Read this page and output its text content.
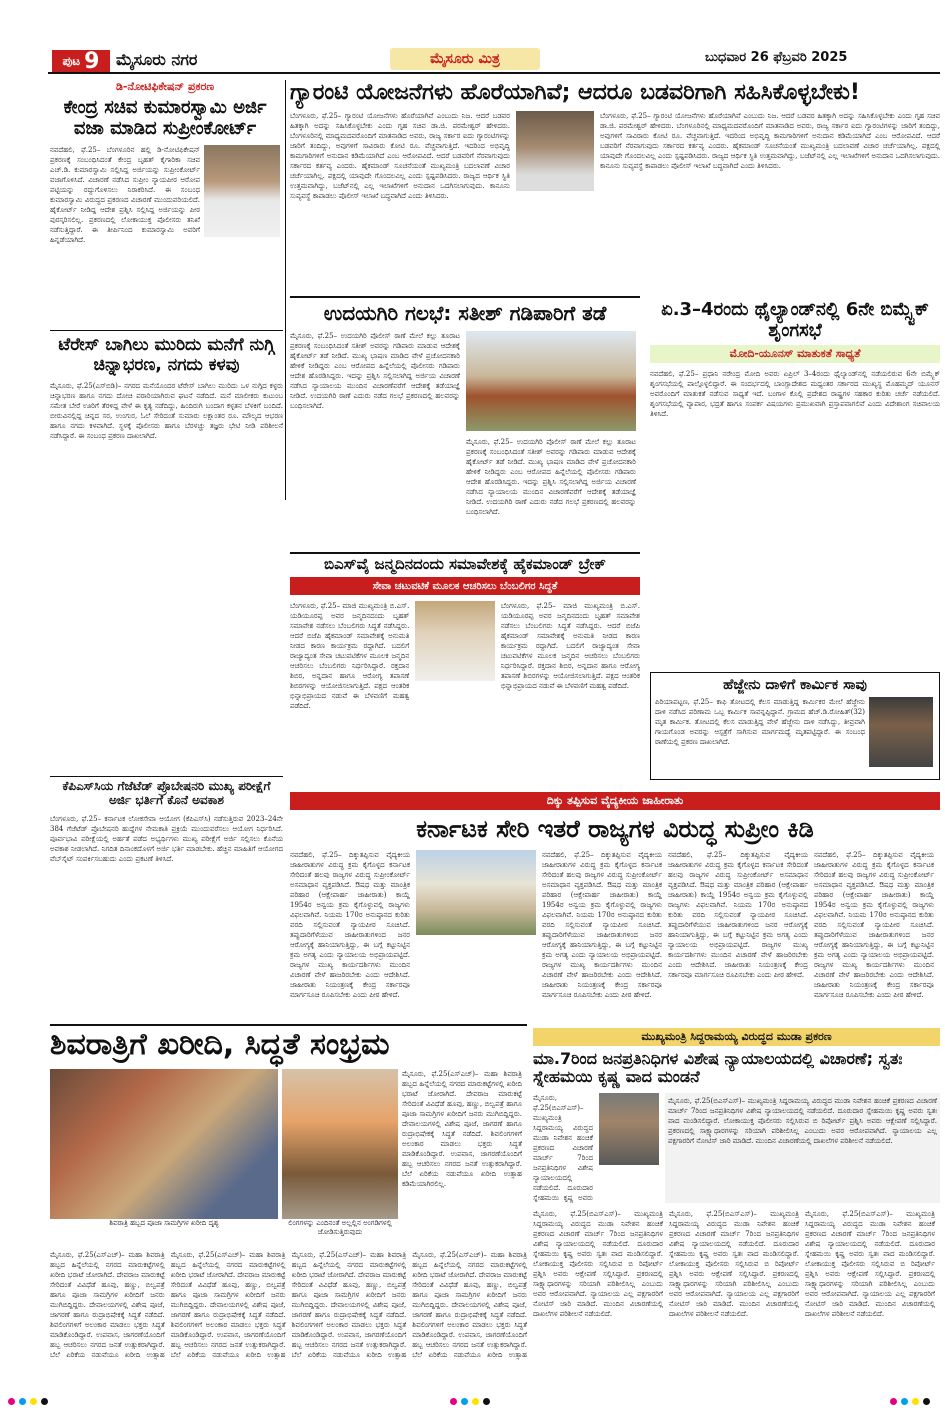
ಪುಟ 9 ಮೈಸೂರು ನಗರ	ಮೈಸೂರು ಮಿತ್ರ	ಬುಧವಾರ 26 ಫೆಬ್ರವರಿ 2025
ಡಿ-ನೋಟಿಫಿಕೇಷನ್ ಪ್ರಕರಣ
ಕೇಂದ್ರ ಸಚಿವ ಕುಮಾರಸ್ವಾಮಿ ಅರ್ಜಿ ವಜಾ ಮಾಡಿದ ಸುಪ್ರೀಂಕೋರ್ಟ್
ನವದೆಹಲಿ, ಫೆ.25– ಬೆಂಗಳೂರಿನ ಹಲ್ಲಿ ಡಿ-ನೋಟಿಫಿಕೇಷನ್ ಪ್ರಕರಣಕ್ಕೆ ಸಂಬಂಧಿಸಿದಂತೆ ಕೇಂದ್ರ ಬೃಹತ್ ಕೈಗಾರಿಕಾ ಸಚಿವ ಎಚ್.ಡಿ. ಕುಮಾರಸ್ವಾಮಿ ಸಲ್ಲಿಸಿದ್ದ ಅರ್ಜಿಯನ್ನು ಸುಪ್ರೀಂಕೋರ್ಟ್ ವಜಾಗೊಳಿಸಿದೆ. ವಿಚಾರಣೆ ನಡೆಸಿದ ಸುಪ್ರೀಂ ನ್ಯಾಯಪೀಠ ಆರೋಪ ಪಟ್ಟಿಯನ್ನು ರದ್ದುಗೊಳಿಸಲು ನಿರಾಕರಿಸಿದೆ. ಈ ಸಂಬಂಧ ಕುಮಾರಸ್ವಾಮಿ ವಿರುದ್ಧದ ಪ್ರಕರಣದ ವಿಚಾರಣೆ ಮುಂದುವರಿಯಲಿದೆ. ಹೈಕೋರ್ಟ್ ನೀಡಿದ್ದ ಆದೇಶ ಪ್ರಶ್ನಿಸಿ ಸಲ್ಲಿಸಿದ್ದ ಅರ್ಜಿಯನ್ನು ಪೀಠ ಪುರಸ್ಕರಿಸಲಿಲ್ಲ. ಪ್ರಕರಣದಲ್ಲಿ ಲೋಕಾಯುಕ್ತ ಪೊಲೀಸರು ತನಿಖೆ ನಡೆಸುತ್ತಿದ್ದಾರೆ. ಈ ತೀರ್ಪಿನಿಂದ ಕುಮಾರಸ್ವಾಮಿ ಅವರಿಗೆ ಹಿನ್ನಡೆಯಾಗಿದೆ.
ಗ್ಯಾರಂಟಿ ಯೋಜನೆಗಳು ಹೊರೆಯಾಗಿವೆ; ಆದರೂ ಬಡವರಿಗಾಗಿ ಸಹಿಸಿಕೊಳ್ಳಬೇಕು!
ಬೆಂಗಳೂರು, ಫೆ.25– ಗ್ಯಾರಂಟಿ ಯೋಜನೆಗಳು ಹೊರೆಯಾಗಿವೆ ಎಂಬುದು ನಿಜ. ಆದರೆ ಬಡವರ ಹಿತಕ್ಕಾಗಿ ಅದನ್ನು ಸಹಿಸಿಕೊಳ್ಳಬೇಕು ಎಂದು ಗೃಹ ಸಚಿವ ಡಾ.ಜಿ. ಪರಮೇಶ್ವರ್ ಹೇಳಿದರು. ಬೆಂಗಳೂರಿನಲ್ಲಿ ಮಾಧ್ಯಮದವರೊಂದಿಗೆ ಮಾತನಾಡಿದ ಅವರು, ರಾಜ್ಯ ಸರ್ಕಾರ ಐದು ಗ್ಯಾರಂಟಿಗಳನ್ನು ಜಾರಿಗೆ ತಂದಿದ್ದು, ಅವುಗಳಿಗೆ ಸಾವಿರಾರು ಕೋಟಿ ರೂ. ವೆಚ್ಚವಾಗುತ್ತಿದೆ. ಇದರಿಂದ ಅಭಿವೃದ್ಧಿ ಕಾಮಗಾರಿಗಳಿಗೆ ಅನುದಾನ ಕಡಿಮೆಯಾಗಿದೆ ಎಂಬ ಆರೋಪವಿದೆ. ಆದರೆ ಬಡವರಿಗೆ ನೆರವಾಗುವುದು ಸರ್ಕಾರದ ಕರ್ತವ್ಯ ಎಂದರು. ಹೈಕಮಾಂಡ್ ಸೂಚನೆಯಂತೆ ಮುಖ್ಯಮಂತ್ರಿ ಬದಲಾವಣೆ ವಿಚಾರ ಚರ್ಚೆಯಾಗಿಲ್ಲ. ಪಕ್ಷದಲ್ಲಿ ಯಾವುದೇ ಗೊಂದಲವಿಲ್ಲ ಎಂದು ಸ್ಪಷ್ಟಪಡಿಸಿದರು. ರಾಜ್ಯದ ಆರ್ಥಿಕ ಸ್ಥಿತಿ ಉತ್ತಮವಾಗಿದ್ದು, ಬಜೆಟ್‌ನಲ್ಲಿ ಎಲ್ಲ ಇಲಾಖೆಗಳಿಗೆ ಅನುದಾನ ಒದಗಿಸಲಾಗುವುದು. ಕಾನೂನು ಸುವ್ಯವಸ್ಥೆ ಕಾಪಾಡಲು ಪೊಲೀಸ್ ಇಲಾಖೆ ಬದ್ಧವಾಗಿದೆ ಎಂದು ತಿಳಿಸಿದರು.
ಬೆಂಗಳೂರು, ಫೆ.25– ಗ್ಯಾರಂಟಿ ಯೋಜನೆಗಳು ಹೊರೆಯಾಗಿವೆ ಎಂಬುದು ನಿಜ. ಆದರೆ ಬಡವರ ಹಿತಕ್ಕಾಗಿ ಅದನ್ನು ಸಹಿಸಿಕೊಳ್ಳಬೇಕು ಎಂದು ಗೃಹ ಸಚಿವ ಡಾ.ಜಿ. ಪರಮೇಶ್ವರ್ ಹೇಳಿದರು. ಬೆಂಗಳೂರಿನಲ್ಲಿ ಮಾಧ್ಯಮದವರೊಂದಿಗೆ ಮಾತನಾಡಿದ ಅವರು, ರಾಜ್ಯ ಸರ್ಕಾರ ಐದು ಗ್ಯಾರಂಟಿಗಳನ್ನು ಜಾರಿಗೆ ತಂದಿದ್ದು, ಅವುಗಳಿಗೆ ಸಾವಿರಾರು ಕೋಟಿ ರೂ. ವೆಚ್ಚವಾಗುತ್ತಿದೆ. ಇದರಿಂದ ಅಭಿವೃದ್ಧಿ ಕಾಮಗಾರಿಗಳಿಗೆ ಅನುದಾನ ಕಡಿಮೆಯಾಗಿದೆ ಎಂಬ ಆರೋಪವಿದೆ. ಆದರೆ ಬಡವರಿಗೆ ನೆರವಾಗುವುದು ಸರ್ಕಾರದ ಕರ್ತವ್ಯ ಎಂದರು. ಹೈಕಮಾಂಡ್ ಸೂಚನೆಯಂತೆ ಮುಖ್ಯಮಂತ್ರಿ ಬದಲಾವಣೆ ವಿಚಾರ ಚರ್ಚೆಯಾಗಿಲ್ಲ. ಪಕ್ಷದಲ್ಲಿ ಯಾವುದೇ ಗೊಂದಲವಿಲ್ಲ ಎಂದು ಸ್ಪಷ್ಟಪಡಿಸಿದರು. ರಾಜ್ಯದ ಆರ್ಥಿಕ ಸ್ಥಿತಿ ಉತ್ತಮವಾಗಿದ್ದು, ಬಜೆಟ್‌ನಲ್ಲಿ ಎಲ್ಲ ಇಲಾಖೆಗಳಿಗೆ ಅನುದಾನ ಒದಗಿಸಲಾಗುವುದು. ಕಾನೂನು ಸುವ್ಯವಸ್ಥೆ ಕಾಪಾಡಲು ಪೊಲೀಸ್ ಇಲಾಖೆ ಬದ್ಧವಾಗಿದೆ ಎಂದು ತಿಳಿಸಿದರು.
ಟೆರೇಸ್ ಬಾಗಿಲು ಮುರಿದು ಮನೆಗೆ ನುಗ್ಗಿ ಚಿನ್ನಾಭರಣ, ನಗದು ಕಳವು
ಮೈಸೂರು, ಫೆ.25(ಎಸ್‌ಬಿಡಿ)– ನಗರದ ಮನೆಯೊಂದರ ಟೆರೇಸ್ ಬಾಗಿಲು ಮುರಿದು ಒಳ ನುಗ್ಗಿದ ಕಳ್ಳರು ಚಿನ್ನಾಭರಣ ಹಾಗೂ ನಗದು ದೋಚಿ ಪರಾರಿಯಾಗಿರುವ ಘಟನೆ ನಡೆದಿದೆ. ಮನೆ ಮಾಲೀಕರು ಕುಟುಂಬ ಸಮೇತ ಬೇರೆ ಊರಿಗೆ ತೆರಳಿದ್ದ ವೇಳೆ ಈ ಕೃತ್ಯ ನಡೆದಿದ್ದು, ಹಿಂದಿರುಗಿ ಬಂದಾಗ ಕಳ್ಳತನ ಬೆಳಕಿಗೆ ಬಂದಿದೆ. ಬೀರುವಿನಲ್ಲಿದ್ದ ಚಿನ್ನದ ಸರ, ಉಂಗುರ, ಓಲೆ ಸೇರಿದಂತೆ ಸುಮಾರು ಲಕ್ಷಾಂತರ ರೂ. ಮೌಲ್ಯದ ಆಭರಣ ಹಾಗೂ ನಗದು ಕಳವಾಗಿದೆ. ಸ್ಥಳಕ್ಕೆ ಪೊಲೀಸರು ಹಾಗೂ ಬೆರಳಚ್ಚು ತಜ್ಞರು ಭೇಟಿ ನೀಡಿ ಪರಿಶೀಲನೆ ನಡೆಸಿದ್ದಾರೆ. ಈ ಸಂಬಂಧ ಪ್ರಕರಣ ದಾಖಲಾಗಿದೆ.
ಕೆಪಿಎಸ್‌ಸಿಯ ಗೆಜೆಟೆಡ್ ಪ್ರೊಬೇಷನರಿ ಮುಖ್ಯ ಪರೀಕ್ಷೆಗೆ ಅರ್ಜಿ ಭರ್ತಿಗೆ ಕೊನೆ ಅವಕಾಶ
ಬೆಂಗಳೂರು, ಫೆ.25– ಕರ್ನಾಟಕ ಲೋಕಸೇವಾ ಆಯೋಗ (ಕೆಪಿಎಸ್‌ಸಿ) ನಡೆಸುತ್ತಿರುವ 2023–24ನೇ 384 ಗೆಜೆಟೆಡ್ ಪ್ರೊಬೇಷನರಿ ಹುದ್ದೆಗಳ ನೇಮಕಾತಿ ಪ್ರಕ್ರಿಯೆ ಮುಂದುವರೆಸಲು ಆಯೋಗ ನಿರ್ಧರಿಸಿದೆ. ಪೂರ್ವಭಾವಿ ಪರೀಕ್ಷೆಯಲ್ಲಿ ಅರ್ಹತೆ ಪಡೆದ ಅಭ್ಯರ್ಥಿಗಳು ಮುಖ್ಯ ಪರೀಕ್ಷೆಗೆ ಅರ್ಜಿ ಸಲ್ಲಿಸಲು ಕೊನೆಯ ಅವಕಾಶ ನೀಡಲಾಗಿದೆ. ನಿಗದಿತ ದಿನಾಂಕದೊಳಗೆ ಅರ್ಜಿ ಭರ್ತಿ ಮಾಡಬೇಕು. ಹೆಚ್ಚಿನ ಮಾಹಿತಿಗೆ ಆಯೋಗದ ವೆಬ್‌ಸೈಟ್ ಸಂಪರ್ಕಿಸಬಹುದು ಎಂದು ಪ್ರಕಟಣೆ ತಿಳಿಸಿದೆ.
ಉದಯಗಿರಿ ಗಲಭೆ: ಸತೀಶ್ ಗಡಿಪಾರಿಗೆ ತಡೆ
ಮೈಸೂರು, ಫೆ.25– ಉದಯಗಿರಿ ಪೊಲೀಸ್ ಠಾಣೆ ಮೇಲೆ ಕಲ್ಲು ತೂರಾಟ ಪ್ರಕರಣಕ್ಕೆ ಸಂಬಂಧಿಸಿದಂತೆ ಸತೀಶ್ ಅವರನ್ನು ಗಡಿಪಾರು ಮಾಡುವ ಆದೇಶಕ್ಕೆ ಹೈಕೋರ್ಟ್ ತಡೆ ನೀಡಿದೆ. ಮುಖ್ಯ ಭಾಷಣ ಮಾಡಿದ ವೇಳೆ ಪ್ರಚೋದನಕಾರಿ ಹೇಳಿಕೆ ನೀಡಿದ್ದರು ಎಂಬ ಆರೋಪದ ಹಿನ್ನೆಲೆಯಲ್ಲಿ ಪೊಲೀಸರು ಗಡಿಪಾರು ಆದೇಶ ಹೊರಡಿಸಿದ್ದರು. ಇದನ್ನು ಪ್ರಶ್ನಿಸಿ ಸಲ್ಲಿಸಲಾಗಿದ್ದ ಅರ್ಜಿಯ ವಿಚಾರಣೆ ನಡೆಸಿದ ನ್ಯಾಯಾಲಯ ಮುಂದಿನ ವಿಚಾರಣೆವರೆಗೆ ಆದೇಶಕ್ಕೆ ತಡೆಯಾಜ್ಞೆ ನೀಡಿದೆ. ಉದಯಗಿರಿ ಠಾಣೆ ಎದುರು ನಡೆದ ಗಲಭೆ ಪ್ರಕರಣದಲ್ಲಿ ಹಲವರನ್ನು ಬಂಧಿಸಲಾಗಿದೆ.
ಮೈಸೂರು, ಫೆ.25– ಉದಯಗಿರಿ ಪೊಲೀಸ್ ಠಾಣೆ ಮೇಲೆ ಕಲ್ಲು ತೂರಾಟ ಪ್ರಕರಣಕ್ಕೆ ಸಂಬಂಧಿಸಿದಂತೆ ಸತೀಶ್ ಅವರನ್ನು ಗಡಿಪಾರು ಮಾಡುವ ಆದೇಶಕ್ಕೆ ಹೈಕೋರ್ಟ್ ತಡೆ ನೀಡಿದೆ. ಮುಖ್ಯ ಭಾಷಣ ಮಾಡಿದ ವೇಳೆ ಪ್ರಚೋದನಕಾರಿ ಹೇಳಿಕೆ ನೀಡಿದ್ದರು ಎಂಬ ಆರೋಪದ ಹಿನ್ನೆಲೆಯಲ್ಲಿ ಪೊಲೀಸರು ಗಡಿಪಾರು ಆದೇಶ ಹೊರಡಿಸಿದ್ದರು. ಇದನ್ನು ಪ್ರಶ್ನಿಸಿ ಸಲ್ಲಿಸಲಾಗಿದ್ದ ಅರ್ಜಿಯ ವಿಚಾರಣೆ ನಡೆಸಿದ ನ್ಯಾಯಾಲಯ ಮುಂದಿನ ವಿಚಾರಣೆವರೆಗೆ ಆದೇಶಕ್ಕೆ ತಡೆಯಾಜ್ಞೆ ನೀಡಿದೆ. ಉದಯಗಿರಿ ಠಾಣೆ ಎದುರು ನಡೆದ ಗಲಭೆ ಪ್ರಕರಣದಲ್ಲಿ ಹಲವರನ್ನು ಬಂಧಿಸಲಾಗಿದೆ.
ಏ.3–4ರಂದು ಥೈಲ್ಯಾಂಡ್‌ನಲ್ಲಿ 6ನೇ ಬಿಮ್ಸ್ಟೆಕ್ ಶೃಂಗಸಭೆ
ಮೋದಿ-ಯೂನಸ್ ಮಾತುಕತೆ ಸಾಧ್ಯತೆ
ನವದೆಹಲಿ, ಫೆ.25– ಪ್ರಧಾನಿ ನರೇಂದ್ರ ಮೋದಿ ಅವರು ಏಪ್ರಿಲ್ 3–4ರಂದು ಥೈಲ್ಯಾಂಡ್‌ನಲ್ಲಿ ನಡೆಯಲಿರುವ 6ನೇ ಬಿಮ್ಸ್ಟೆಕ್ ಶೃಂಗಸಭೆಯಲ್ಲಿ ಪಾಲ್ಗೊಳ್ಳಲಿದ್ದಾರೆ. ಈ ಸಂದರ್ಭದಲ್ಲಿ ಬಾಂಗ್ಲಾದೇಶದ ಮಧ್ಯಂತರ ಸರ್ಕಾರದ ಮುಖ್ಯಸ್ಥ ಮೊಹಮ್ಮದ್ ಯೂನಸ್ ಅವರೊಂದಿಗೆ ಮಾತುಕತೆ ನಡೆಸುವ ಸಾಧ್ಯತೆ ಇದೆ. ಬಂಗಾಳ ಕೊಲ್ಲಿ ಪ್ರದೇಶದ ರಾಷ್ಟ್ರಗಳ ಸಹಕಾರ ಕುರಿತು ಚರ್ಚೆ ನಡೆಯಲಿದೆ. ಶೃಂಗಸಭೆಯಲ್ಲಿ ವ್ಯಾಪಾರ, ಭದ್ರತೆ ಹಾಗೂ ಸಂಪರ್ಕ ವಿಷಯಗಳು ಪ್ರಮುಖವಾಗಿ ಪ್ರಸ್ತಾಪವಾಗಲಿವೆ ಎಂದು ವಿದೇಶಾಂಗ ಸಚಿವಾಲಯ ತಿಳಿಸಿದೆ.
ಬಿಎಸ್‌ವೈ ಜನ್ಮದಿನದಂದು ಸಮಾವೇಶಕ್ಕೆ ಹೈಕಮಾಂಡ್ ಬ್ರೇಕ್
ಸೇವಾ ಚಟುವಟಿಕೆ ಮೂಲಕ ಆಚರಿಸಲು ಬೆಂಬಲಿಗರ ಸಿದ್ಧತೆ
ಬೆಂಗಳೂರು, ಫೆ.25– ಮಾಜಿ ಮುಖ್ಯಮಂತ್ರಿ ಬಿ.ಎಸ್. ಯಡಿಯೂರಪ್ಪ ಅವರ ಜನ್ಮದಿನದಂದು ಬೃಹತ್ ಸಮಾವೇಶ ನಡೆಸಲು ಬೆಂಬಲಿಗರು ಸಿದ್ಧತೆ ನಡೆಸಿದ್ದರು. ಆದರೆ ಬಿಜೆಪಿ ಹೈಕಮಾಂಡ್ ಸಮಾವೇಶಕ್ಕೆ ಅನುಮತಿ ನೀಡದ ಕಾರಣ ಕಾರ್ಯಕ್ರಮ ರದ್ದಾಗಿದೆ. ಬದಲಿಗೆ ರಾಜ್ಯಾದ್ಯಂತ ಸೇವಾ ಚಟುವಟಿಕೆಗಳ ಮೂಲಕ ಜನ್ಮದಿನ ಆಚರಿಸಲು ಬೆಂಬಲಿಗರು ನಿರ್ಧರಿಸಿದ್ದಾರೆ. ರಕ್ತದಾನ ಶಿಬಿರ, ಅನ್ನದಾನ ಹಾಗೂ ಆರೋಗ್ಯ ತಪಾಸಣೆ ಶಿಬಿರಗಳನ್ನು ಆಯೋಜಿಸಲಾಗುತ್ತಿದೆ. ಪಕ್ಷದ ಆಂತರಿಕ ಭಿನ್ನಾಭಿಪ್ರಾಯದ ನಡುವೆ ಈ ಬೆಳವಣಿಗೆ ಮಹತ್ವ ಪಡೆದಿದೆ.
ಬೆಂಗಳೂರು, ಫೆ.25– ಮಾಜಿ ಮುಖ್ಯಮಂತ್ರಿ ಬಿ.ಎಸ್. ಯಡಿಯೂರಪ್ಪ ಅವರ ಜನ್ಮದಿನದಂದು ಬೃಹತ್ ಸಮಾವೇಶ ನಡೆಸಲು ಬೆಂಬಲಿಗರು ಸಿದ್ಧತೆ ನಡೆಸಿದ್ದರು. ಆದರೆ ಬಿಜೆಪಿ ಹೈಕಮಾಂಡ್ ಸಮಾವೇಶಕ್ಕೆ ಅನುಮತಿ ನೀಡದ ಕಾರಣ ಕಾರ್ಯಕ್ರಮ ರದ್ದಾಗಿದೆ. ಬದಲಿಗೆ ರಾಜ್ಯಾದ್ಯಂತ ಸೇವಾ ಚಟುವಟಿಕೆಗಳ ಮೂಲಕ ಜನ್ಮದಿನ ಆಚರಿಸಲು ಬೆಂಬಲಿಗರು ನಿರ್ಧರಿಸಿದ್ದಾರೆ. ರಕ್ತದಾನ ಶಿಬಿರ, ಅನ್ನದಾನ ಹಾಗೂ ಆರೋಗ್ಯ ತಪಾಸಣೆ ಶಿಬಿರಗಳನ್ನು ಆಯೋಜಿಸಲಾಗುತ್ತಿದೆ. ಪಕ್ಷದ ಆಂತರಿಕ ಭಿನ್ನಾಭಿಪ್ರಾಯದ ನಡುವೆ ಈ ಬೆಳವಣಿಗೆ ಮಹತ್ವ ಪಡೆದಿದೆ.	ಹೆಜ್ಜೇನು ದಾಳಿಗೆ ಕಾರ್ಮಿಕ ಸಾವು
ಪಿರಿಯಾಪಟ್ಟಣ, ಫೆ.25– ಕಾಫಿ ತೋಟದಲ್ಲಿ ಕೆಲಸ ಮಾಡುತ್ತಿದ್ದ ಕಾರ್ಮಿಕರ ಮೇಲೆ ಹೆಜ್ಜೇನು ದಾಳಿ ನಡೆಸಿದ ಪರಿಣಾಮ ಒಬ್ಬ ಕಾರ್ಮಿಕ ಸಾವನ್ನಪ್ಪಿದ್ದಾನೆ. ಗ್ರಾಮದ ಹೆಚ್.ಡಿ.ರೋಹಿತ್(32) ಮೃತ ಕಾರ್ಮಿಕ. ತೋಟದಲ್ಲಿ ಕೆಲಸ ಮಾಡುತ್ತಿದ್ದ ವೇಳೆ ಹೆಜ್ಜೇನು ದಾಳಿ ನಡೆಸಿದ್ದು, ತೀವ್ರವಾಗಿ ಗಾಯಗೊಂಡ ಅವರನ್ನು ಆಸ್ಪತ್ರೆಗೆ ಸಾಗಿಸುವ ಮಾರ್ಗಮಧ್ಯೆ ಮೃತಪಟ್ಟಿದ್ದಾರೆ. ಈ ಸಂಬಂಧ ಠಾಣೆಯಲ್ಲಿ ಪ್ರಕರಣ ದಾಖಲಾಗಿದೆ.
ದಿಕ್ಕು ತಪ್ಪಿಸುವ ವೈದ್ಯಕೀಯ ಜಾಹೀರಾತು
ಕರ್ನಾಟಕ ಸೇರಿ ಇತರೆ ರಾಜ್ಯಗಳ ವಿರುದ್ಧ ಸುಪ್ರೀಂ ಕಿಡಿ
ನವದೆಹಲಿ, ಫೆ.25– ದಿಕ್ಕುತಪ್ಪಿಸುವ ವೈದ್ಯಕೀಯ ಜಾಹೀರಾತುಗಳ ವಿರುದ್ಧ ಕ್ರಮ ಕೈಗೊಳ್ಳದ ಕರ್ನಾಟಕ ಸೇರಿದಂತೆ ಹಲವು ರಾಜ್ಯಗಳ ವಿರುದ್ಧ ಸುಪ್ರೀಂಕೋರ್ಟ್ ಅಸಮಾಧಾನ ವ್ಯಕ್ತಪಡಿಸಿದೆ. ಔಷಧ ಮತ್ತು ಮಾಂತ್ರಿಕ ಪರಿಹಾರ (ಆಕ್ಷೇಪಾರ್ಹ ಜಾಹೀರಾತು) ಕಾಯ್ದೆ 1954ರ ಅನ್ವಯ ಕ್ರಮ ಕೈಗೊಳ್ಳುವಲ್ಲಿ ರಾಜ್ಯಗಳು ವಿಫಲವಾಗಿವೆ. ನಿಯಮ 170ರ ಅನುಷ್ಠಾನದ ಕುರಿತು ವರದಿ ಸಲ್ಲಿಸುವಂತೆ ನ್ಯಾಯಪೀಠ ಸೂಚಿಸಿದೆ. ತಪ್ಪುದಾರಿಗೆಳೆಯುವ ಜಾಹೀರಾತುಗಳಿಂದ ಜನರ ಆರೋಗ್ಯಕ್ಕೆ ಹಾನಿಯಾಗುತ್ತಿದ್ದು, ಈ ಬಗ್ಗೆ ಕಟ್ಟುನಿಟ್ಟಿನ ಕ್ರಮ ಅಗತ್ಯ ಎಂದು ನ್ಯಾಯಾಲಯ ಅಭಿಪ್ರಾಯಪಟ್ಟಿದೆ. ರಾಜ್ಯಗಳ ಮುಖ್ಯ ಕಾರ್ಯದರ್ಶಿಗಳು ಮುಂದಿನ ವಿಚಾರಣೆ ವೇಳೆ ಹಾಜರಿರಬೇಕು ಎಂದು ಆದೇಶಿಸಿದೆ. ಜಾಹೀರಾತು ನಿಯಂತ್ರಣಕ್ಕೆ ಕೇಂದ್ರ ಸರ್ಕಾರವೂ ಮಾರ್ಗಸೂಚಿ ರೂಪಿಸಬೇಕು ಎಂದು ಪೀಠ ಹೇಳಿದೆ.
ನವದೆಹಲಿ, ಫೆ.25– ದಿಕ್ಕುತಪ್ಪಿಸುವ ವೈದ್ಯಕೀಯ ಜಾಹೀರಾತುಗಳ ವಿರುದ್ಧ ಕ್ರಮ ಕೈಗೊಳ್ಳದ ಕರ್ನಾಟಕ ಸೇರಿದಂತೆ ಹಲವು ರಾಜ್ಯಗಳ ವಿರುದ್ಧ ಸುಪ್ರೀಂಕೋರ್ಟ್ ಅಸಮಾಧಾನ ವ್ಯಕ್ತಪಡಿಸಿದೆ. ಔಷಧ ಮತ್ತು ಮಾಂತ್ರಿಕ ಪರಿಹಾರ (ಆಕ್ಷೇಪಾರ್ಹ ಜಾಹೀರಾತು) ಕಾಯ್ದೆ 1954ರ ಅನ್ವಯ ಕ್ರಮ ಕೈಗೊಳ್ಳುವಲ್ಲಿ ರಾಜ್ಯಗಳು ವಿಫಲವಾಗಿವೆ. ನಿಯಮ 170ರ ಅನುಷ್ಠಾನದ ಕುರಿತು ವರದಿ ಸಲ್ಲಿಸುವಂತೆ ನ್ಯಾಯಪೀಠ ಸೂಚಿಸಿದೆ. ತಪ್ಪುದಾರಿಗೆಳೆಯುವ ಜಾಹೀರಾತುಗಳಿಂದ ಜನರ ಆರೋಗ್ಯಕ್ಕೆ ಹಾನಿಯಾಗುತ್ತಿದ್ದು, ಈ ಬಗ್ಗೆ ಕಟ್ಟುನಿಟ್ಟಿನ ಕ್ರಮ ಅಗತ್ಯ ಎಂದು ನ್ಯಾಯಾಲಯ ಅಭಿಪ್ರಾಯಪಟ್ಟಿದೆ. ರಾಜ್ಯಗಳ ಮುಖ್ಯ ಕಾರ್ಯದರ್ಶಿಗಳು ಮುಂದಿನ ವಿಚಾರಣೆ ವೇಳೆ ಹಾಜರಿರಬೇಕು ಎಂದು ಆದೇಶಿಸಿದೆ. ಜಾಹೀರಾತು ನಿಯಂತ್ರಣಕ್ಕೆ ಕೇಂದ್ರ ಸರ್ಕಾರವೂ ಮಾರ್ಗಸೂಚಿ ರೂಪಿಸಬೇಕು ಎಂದು ಪೀಠ ಹೇಳಿದೆ.
ನವದೆಹಲಿ, ಫೆ.25– ದಿಕ್ಕುತಪ್ಪಿಸುವ ವೈದ್ಯಕೀಯ ಜಾಹೀರಾತುಗಳ ವಿರುದ್ಧ ಕ್ರಮ ಕೈಗೊಳ್ಳದ ಕರ್ನಾಟಕ ಸೇರಿದಂತೆ ಹಲವು ರಾಜ್ಯಗಳ ವಿರುದ್ಧ ಸುಪ್ರೀಂಕೋರ್ಟ್ ಅಸಮಾಧಾನ ವ್ಯಕ್ತಪಡಿಸಿದೆ. ಔಷಧ ಮತ್ತು ಮಾಂತ್ರಿಕ ಪರಿಹಾರ (ಆಕ್ಷೇಪಾರ್ಹ ಜಾಹೀರಾತು) ಕಾಯ್ದೆ 1954ರ ಅನ್ವಯ ಕ್ರಮ ಕೈಗೊಳ್ಳುವಲ್ಲಿ ರಾಜ್ಯಗಳು ವಿಫಲವಾಗಿವೆ. ನಿಯಮ 170ರ ಅನುಷ್ಠಾನದ ಕುರಿತು ವರದಿ ಸಲ್ಲಿಸುವಂತೆ ನ್ಯಾಯಪೀಠ ಸೂಚಿಸಿದೆ. ತಪ್ಪುದಾರಿಗೆಳೆಯುವ ಜಾಹೀರಾತುಗಳಿಂದ ಜನರ ಆರೋಗ್ಯಕ್ಕೆ ಹಾನಿಯಾಗುತ್ತಿದ್ದು, ಈ ಬಗ್ಗೆ ಕಟ್ಟುನಿಟ್ಟಿನ ಕ್ರಮ ಅಗತ್ಯ ಎಂದು ನ್ಯಾಯಾಲಯ ಅಭಿಪ್ರಾಯಪಟ್ಟಿದೆ. ರಾಜ್ಯಗಳ ಮುಖ್ಯ ಕಾರ್ಯದರ್ಶಿಗಳು ಮುಂದಿನ ವಿಚಾರಣೆ ವೇಳೆ ಹಾಜರಿರಬೇಕು ಎಂದು ಆದೇಶಿಸಿದೆ. ಜಾಹೀರಾತು ನಿಯಂತ್ರಣಕ್ಕೆ ಕೇಂದ್ರ ಸರ್ಕಾರವೂ ಮಾರ್ಗಸೂಚಿ ರೂಪಿಸಬೇಕು ಎಂದು ಪೀಠ ಹೇಳಿದೆ.
ನವದೆಹಲಿ, ಫೆ.25– ದಿಕ್ಕುತಪ್ಪಿಸುವ ವೈದ್ಯಕೀಯ ಜಾಹೀರಾತುಗಳ ವಿರುದ್ಧ ಕ್ರಮ ಕೈಗೊಳ್ಳದ ಕರ್ನಾಟಕ ಸೇರಿದಂತೆ ಹಲವು ರಾಜ್ಯಗಳ ವಿರುದ್ಧ ಸುಪ್ರೀಂಕೋರ್ಟ್ ಅಸಮಾಧಾನ ವ್ಯಕ್ತಪಡಿಸಿದೆ. ಔಷಧ ಮತ್ತು ಮಾಂತ್ರಿಕ ಪರಿಹಾರ (ಆಕ್ಷೇಪಾರ್ಹ ಜಾಹೀರಾತು) ಕಾಯ್ದೆ 1954ರ ಅನ್ವಯ ಕ್ರಮ ಕೈಗೊಳ್ಳುವಲ್ಲಿ ರಾಜ್ಯಗಳು ವಿಫಲವಾಗಿವೆ. ನಿಯಮ 170ರ ಅನುಷ್ಠಾನದ ಕುರಿತು ವರದಿ ಸಲ್ಲಿಸುವಂತೆ ನ್ಯಾಯಪೀಠ ಸೂಚಿಸಿದೆ. ತಪ್ಪುದಾರಿಗೆಳೆಯುವ ಜಾಹೀರಾತುಗಳಿಂದ ಜನರ ಆರೋಗ್ಯಕ್ಕೆ ಹಾನಿಯಾಗುತ್ತಿದ್ದು, ಈ ಬಗ್ಗೆ ಕಟ್ಟುನಿಟ್ಟಿನ ಕ್ರಮ ಅಗತ್ಯ ಎಂದು ನ್ಯಾಯಾಲಯ ಅಭಿಪ್ರಾಯಪಟ್ಟಿದೆ. ರಾಜ್ಯಗಳ ಮುಖ್ಯ ಕಾರ್ಯದರ್ಶಿಗಳು ಮುಂದಿನ ವಿಚಾರಣೆ ವೇಳೆ ಹಾಜರಿರಬೇಕು ಎಂದು ಆದೇಶಿಸಿದೆ. ಜಾಹೀರಾತು ನಿಯಂತ್ರಣಕ್ಕೆ ಕೇಂದ್ರ ಸರ್ಕಾರವೂ ಮಾರ್ಗಸೂಚಿ ರೂಪಿಸಬೇಕು ಎಂದು ಪೀಠ ಹೇಳಿದೆ.
ಶಿವರಾತ್ರಿಗೆ ಖರೀದಿ, ಸಿದ್ಧತೆ ಸಂಭ್ರಮ
ಶಿವರಾತ್ರಿ ಹಬ್ಬದ ಪೂಜಾ ಸಾಮಗ್ರಿಗಳ ಖರೀದಿ ದೃಶ್ಯ	ಲಿಂಗಗಳನ್ನು ಎಂದಿನಂತೆ ಅಲ್ಲಲ್ಲಿನ ಅಂಗಡಿಗಳಲ್ಲಿ ಜೋಡಿಸುತ್ತಿರುವುದು
ಮೈಸೂರು, ಫೆ.25(ಎಸ್‌ಎಚ್)– ಮಹಾ ಶಿವರಾತ್ರಿ ಹಬ್ಬದ ಹಿನ್ನೆಲೆಯಲ್ಲಿ ನಗರದ ಮಾರುಕಟ್ಟೆಗಳಲ್ಲಿ ಖರೀದಿ ಭರಾಟೆ ಜೋರಾಗಿದೆ. ದೇವರಾಜ ಮಾರುಕಟ್ಟೆ ಸೇರಿದಂತೆ ವಿವಿಧೆಡೆ ಹೂವು, ಹಣ್ಣು, ಬಿಲ್ವಪತ್ರೆ ಹಾಗೂ ಪೂಜಾ ಸಾಮಗ್ರಿಗಳ ಖರೀದಿಗೆ ಜನರು ಮುಗಿಬಿದ್ದಿದ್ದರು. ದೇವಾಲಯಗಳಲ್ಲಿ ವಿಶೇಷ ಪೂಜೆ, ಜಾಗರಣೆ ಹಾಗೂ ರುದ್ರಾಭಿಷೇಕಕ್ಕೆ ಸಿದ್ಧತೆ ನಡೆದಿದೆ. ಶಿವಲಿಂಗಗಳಿಗೆ ಅಲಂಕಾರ ಮಾಡಲು ಭಕ್ತರು ಸಿದ್ಧತೆ ಮಾಡಿಕೊಂಡಿದ್ದಾರೆ. ಉಪವಾಸ, ಜಾಗರಣೆಯೊಂದಿಗೆ ಹಬ್ಬ ಆಚರಿಸಲು ನಗರದ ಜನತೆ ಉತ್ಸುಕರಾಗಿದ್ದಾರೆ. ಬೆಲೆ ಏರಿಕೆಯ ನಡುವೆಯೂ ಖರೀದಿ ಉತ್ಸಾಹ ಕಡಿಮೆಯಾಗಿರಲಿಲ್ಲ.
ಮೈಸೂರು, ಫೆ.25(ಎಸ್‌ಎಚ್)– ಮಹಾ ಶಿವರಾತ್ರಿ ಹಬ್ಬದ ಹಿನ್ನೆಲೆಯಲ್ಲಿ ನಗರದ ಮಾರುಕಟ್ಟೆಗಳಲ್ಲಿ ಖರೀದಿ ಭರಾಟೆ ಜೋರಾಗಿದೆ. ದೇವರಾಜ ಮಾರುಕಟ್ಟೆ ಸೇರಿದಂತೆ ವಿವಿಧೆಡೆ ಹೂವು, ಹಣ್ಣು, ಬಿಲ್ವಪತ್ರೆ ಹಾಗೂ ಪೂಜಾ ಸಾಮಗ್ರಿಗಳ ಖರೀದಿಗೆ ಜನರು ಮುಗಿಬಿದ್ದಿದ್ದರು. ದೇವಾಲಯಗಳಲ್ಲಿ ವಿಶೇಷ ಪೂಜೆ, ಜಾಗರಣೆ ಹಾಗೂ ರುದ್ರಾಭಿಷೇಕಕ್ಕೆ ಸಿದ್ಧತೆ ನಡೆದಿದೆ. ಶಿವಲಿಂಗಗಳಿಗೆ ಅಲಂಕಾರ ಮಾಡಲು ಭಕ್ತರು ಸಿದ್ಧತೆ ಮಾಡಿಕೊಂಡಿದ್ದಾರೆ. ಉಪವಾಸ, ಜಾಗರಣೆಯೊಂದಿಗೆ ಹಬ್ಬ ಆಚರಿಸಲು ನಗರದ ಜನತೆ ಉತ್ಸುಕರಾಗಿದ್ದಾರೆ. ಬೆಲೆ ಏರಿಕೆಯ ನಡುವೆಯೂ ಖರೀದಿ ಉತ್ಸಾಹ
ಮೈಸೂರು, ಫೆ.25(ಎಸ್‌ಎಚ್)– ಮಹಾ ಶಿವರಾತ್ರಿ ಹಬ್ಬದ ಹಿನ್ನೆಲೆಯಲ್ಲಿ ನಗರದ ಮಾರುಕಟ್ಟೆಗಳಲ್ಲಿ ಖರೀದಿ ಭರಾಟೆ ಜೋರಾಗಿದೆ. ದೇವರಾಜ ಮಾರುಕಟ್ಟೆ ಸೇರಿದಂತೆ ವಿವಿಧೆಡೆ ಹೂವು, ಹಣ್ಣು, ಬಿಲ್ವಪತ್ರೆ ಹಾಗೂ ಪೂಜಾ ಸಾಮಗ್ರಿಗಳ ಖರೀದಿಗೆ ಜನರು ಮುಗಿಬಿದ್ದಿದ್ದರು. ದೇವಾಲಯಗಳಲ್ಲಿ ವಿಶೇಷ ಪೂಜೆ, ಜಾಗರಣೆ ಹಾಗೂ ರುದ್ರಾಭಿಷೇಕಕ್ಕೆ ಸಿದ್ಧತೆ ನಡೆದಿದೆ. ಶಿವಲಿಂಗಗಳಿಗೆ ಅಲಂಕಾರ ಮಾಡಲು ಭಕ್ತರು ಸಿದ್ಧತೆ ಮಾಡಿಕೊಂಡಿದ್ದಾರೆ. ಉಪವಾಸ, ಜಾಗರಣೆಯೊಂದಿಗೆ ಹಬ್ಬ ಆಚರಿಸಲು ನಗರದ ಜನತೆ ಉತ್ಸುಕರಾಗಿದ್ದಾರೆ. ಬೆಲೆ ಏರಿಕೆಯ ನಡುವೆಯೂ ಖರೀದಿ ಉತ್ಸಾಹ
ಮೈಸೂರು, ಫೆ.25(ಎಸ್‌ಎಚ್)– ಮಹಾ ಶಿವರಾತ್ರಿ ಹಬ್ಬದ ಹಿನ್ನೆಲೆಯಲ್ಲಿ ನಗರದ ಮಾರುಕಟ್ಟೆಗಳಲ್ಲಿ ಖರೀದಿ ಭರಾಟೆ ಜೋರಾಗಿದೆ. ದೇವರಾಜ ಮಾರುಕಟ್ಟೆ ಸೇರಿದಂತೆ ವಿವಿಧೆಡೆ ಹೂವು, ಹಣ್ಣು, ಬಿಲ್ವಪತ್ರೆ ಹಾಗೂ ಪೂಜಾ ಸಾಮಗ್ರಿಗಳ ಖರೀದಿಗೆ ಜನರು ಮುಗಿಬಿದ್ದಿದ್ದರು. ದೇವಾಲಯಗಳಲ್ಲಿ ವಿಶೇಷ ಪೂಜೆ, ಜಾಗರಣೆ ಹಾಗೂ ರುದ್ರಾಭಿಷೇಕಕ್ಕೆ ಸಿದ್ಧತೆ ನಡೆದಿದೆ. ಶಿವಲಿಂಗಗಳಿಗೆ ಅಲಂಕಾರ ಮಾಡಲು ಭಕ್ತರು ಸಿದ್ಧತೆ ಮಾಡಿಕೊಂಡಿದ್ದಾರೆ. ಉಪವಾಸ, ಜಾಗರಣೆಯೊಂದಿಗೆ ಹಬ್ಬ ಆಚರಿಸಲು ನಗರದ ಜನತೆ ಉತ್ಸುಕರಾಗಿದ್ದಾರೆ. ಬೆಲೆ ಏರಿಕೆಯ ನಡುವೆಯೂ ಖರೀದಿ ಉತ್ಸಾಹ
ಮೈಸೂರು, ಫೆ.25(ಎಸ್‌ಎಚ್)– ಮಹಾ ಶಿವರಾತ್ರಿ ಹಬ್ಬದ ಹಿನ್ನೆಲೆಯಲ್ಲಿ ನಗರದ ಮಾರುಕಟ್ಟೆಗಳಲ್ಲಿ ಖರೀದಿ ಭರಾಟೆ ಜೋರಾಗಿದೆ. ದೇವರಾಜ ಮಾರುಕಟ್ಟೆ ಸೇರಿದಂತೆ ವಿವಿಧೆಡೆ ಹೂವು, ಹಣ್ಣು, ಬಿಲ್ವಪತ್ರೆ ಹಾಗೂ ಪೂಜಾ ಸಾಮಗ್ರಿಗಳ ಖರೀದಿಗೆ ಜನರು ಮುಗಿಬಿದ್ದಿದ್ದರು. ದೇವಾಲಯಗಳಲ್ಲಿ ವಿಶೇಷ ಪೂಜೆ, ಜಾಗರಣೆ ಹಾಗೂ ರುದ್ರಾಭಿಷೇಕಕ್ಕೆ ಸಿದ್ಧತೆ ನಡೆದಿದೆ. ಶಿವಲಿಂಗಗಳಿಗೆ ಅಲಂಕಾರ ಮಾಡಲು ಭಕ್ತರು ಸಿದ್ಧತೆ ಮಾಡಿಕೊಂಡಿದ್ದಾರೆ. ಉಪವಾಸ, ಜಾಗರಣೆಯೊಂದಿಗೆ ಹಬ್ಬ ಆಚರಿಸಲು ನಗರದ ಜನತೆ ಉತ್ಸುಕರಾಗಿದ್ದಾರೆ. ಬೆಲೆ ಏರಿಕೆಯ ನಡುವೆಯೂ ಖರೀದಿ ಉತ್ಸಾಹ
ಮುಖ್ಯಮಂತ್ರಿ ಸಿದ್ದರಾಮಯ್ಯ ವಿರುದ್ಧದ ಮುಡಾ ಪ್ರಕರಣ
ಮಾ.7ರಿಂದ ಜನಪ್ರತಿನಿಧಿಗಳ ವಿಶೇಷ ನ್ಯಾಯಾಲಯದಲ್ಲಿ ವಿಚಾರಣೆ; ಸ್ವತಃ ಸ್ನೇಹಮಯಿ ಕೃಷ್ಣ ವಾದ ಮಂಡನೆ
ಮೈಸೂರು, ಫೆ.25(ಬಿಎಸ್‌ಎಸ್)– ಮುಖ್ಯಮಂತ್ರಿ ಸಿದ್ದರಾಮಯ್ಯ ವಿರುದ್ಧದ ಮುಡಾ ನಿವೇಶನ ಹಂಚಿಕೆ ಪ್ರಕರಣದ ವಿಚಾರಣೆ ಮಾರ್ಚ್ 7ರಿಂದ ಜನಪ್ರತಿನಿಧಿಗಳ ವಿಶೇಷ ನ್ಯಾಯಾಲಯದಲ್ಲಿ ನಡೆಯಲಿದೆ. ದೂರುದಾರ ಸ್ನೇಹಮಯಿ ಕೃಷ್ಣ ಅವರು
ಮೈಸೂರು, ಫೆ.25(ಬಿಎಸ್‌ಎಸ್)– ಮುಖ್ಯಮಂತ್ರಿ ಸಿದ್ದರಾಮಯ್ಯ ವಿರುದ್ಧದ ಮುಡಾ ನಿವೇಶನ ಹಂಚಿಕೆ ಪ್ರಕರಣದ ವಿಚಾರಣೆ ಮಾರ್ಚ್ 7ರಿಂದ ಜನಪ್ರತಿನಿಧಿಗಳ ವಿಶೇಷ ನ್ಯಾಯಾಲಯದಲ್ಲಿ ನಡೆಯಲಿದೆ. ದೂರುದಾರ ಸ್ನೇಹಮಯಿ ಕೃಷ್ಣ ಅವರು ಸ್ವತಃ ವಾದ ಮಂಡಿಸಲಿದ್ದಾರೆ. ಲೋಕಾಯುಕ್ತ ಪೊಲೀಸರು ಸಲ್ಲಿಸಿರುವ ಬಿ ರಿಪೋರ್ಟ್ ಪ್ರಶ್ನಿಸಿ ಅವರು ಆಕ್ಷೇಪಣೆ ಸಲ್ಲಿಸಿದ್ದಾರೆ. ಪ್ರಕರಣದಲ್ಲಿ ಸಾಕ್ಷ್ಯಾಧಾರಗಳನ್ನು ಸರಿಯಾಗಿ ಪರಿಶೀಲಿಸಿಲ್ಲ ಎಂಬುದು ಅವರ ಆರೋಪವಾಗಿದೆ. ನ್ಯಾಯಾಲಯ ಎಲ್ಲ ಪಕ್ಷಗಾರರಿಗೆ ನೋಟಿಸ್ ಜಾರಿ ಮಾಡಿದೆ. ಮುಂದಿನ ವಿಚಾರಣೆಯಲ್ಲಿ ದಾಖಲೆಗಳ ಪರಿಶೀಲನೆ ನಡೆಯಲಿದೆ.
ಮೈಸೂರು, ಫೆ.25(ಬಿಎಸ್‌ಎಸ್)– ಮುಖ್ಯಮಂತ್ರಿ ಸಿದ್ದರಾಮಯ್ಯ ವಿರುದ್ಧದ ಮುಡಾ ನಿವೇಶನ ಹಂಚಿಕೆ ಪ್ರಕರಣದ ವಿಚಾರಣೆ ಮಾರ್ಚ್ 7ರಿಂದ ಜನಪ್ರತಿನಿಧಿಗಳ ವಿಶೇಷ ನ್ಯಾಯಾಲಯದಲ್ಲಿ ನಡೆಯಲಿದೆ. ದೂರುದಾರ ಸ್ನೇಹಮಯಿ ಕೃಷ್ಣ ಅವರು ಸ್ವತಃ ವಾದ ಮಂಡಿಸಲಿದ್ದಾರೆ. ಲೋಕಾಯುಕ್ತ ಪೊಲೀಸರು ಸಲ್ಲಿಸಿರುವ ಬಿ ರಿಪೋರ್ಟ್ ಪ್ರಶ್ನಿಸಿ ಅವರು ಆಕ್ಷೇಪಣೆ ಸಲ್ಲಿಸಿದ್ದಾರೆ. ಪ್ರಕರಣದಲ್ಲಿ ಸಾಕ್ಷ್ಯಾಧಾರಗಳನ್ನು ಸರಿಯಾಗಿ ಪರಿಶೀಲಿಸಿಲ್ಲ ಎಂಬುದು ಅವರ ಆರೋಪವಾಗಿದೆ. ನ್ಯಾಯಾಲಯ ಎಲ್ಲ ಪಕ್ಷಗಾರರಿಗೆ ನೋಟಿಸ್ ಜಾರಿ ಮಾಡಿದೆ. ಮುಂದಿನ ವಿಚಾರಣೆಯಲ್ಲಿ ದಾಖಲೆಗಳ ಪರಿಶೀಲನೆ ನಡೆಯಲಿದೆ.
ಮೈಸೂರು, ಫೆ.25(ಬಿಎಸ್‌ಎಸ್)– ಮುಖ್ಯಮಂತ್ರಿ ಸಿದ್ದರಾಮಯ್ಯ ವಿರುದ್ಧದ ಮುಡಾ ನಿವೇಶನ ಹಂಚಿಕೆ ಪ್ರಕರಣದ ವಿಚಾರಣೆ ಮಾರ್ಚ್ 7ರಿಂದ ಜನಪ್ರತಿನಿಧಿಗಳ ವಿಶೇಷ ನ್ಯಾಯಾಲಯದಲ್ಲಿ ನಡೆಯಲಿದೆ. ದೂರುದಾರ ಸ್ನೇಹಮಯಿ ಕೃಷ್ಣ ಅವರು ಸ್ವತಃ ವಾದ ಮಂಡಿಸಲಿದ್ದಾರೆ. ಲೋಕಾಯುಕ್ತ ಪೊಲೀಸರು ಸಲ್ಲಿಸಿರುವ ಬಿ ರಿಪೋರ್ಟ್ ಪ್ರಶ್ನಿಸಿ ಅವರು ಆಕ್ಷೇಪಣೆ ಸಲ್ಲಿಸಿದ್ದಾರೆ. ಪ್ರಕರಣದಲ್ಲಿ ಸಾಕ್ಷ್ಯಾಧಾರಗಳನ್ನು ಸರಿಯಾಗಿ ಪರಿಶೀಲಿಸಿಲ್ಲ ಎಂಬುದು ಅವರ ಆರೋಪವಾಗಿದೆ. ನ್ಯಾಯಾಲಯ ಎಲ್ಲ ಪಕ್ಷಗಾರರಿಗೆ ನೋಟಿಸ್ ಜಾರಿ ಮಾಡಿದೆ. ಮುಂದಿನ ವಿಚಾರಣೆಯಲ್ಲಿ ದಾಖಲೆಗಳ ಪರಿಶೀಲನೆ ನಡೆಯಲಿದೆ.
ಮೈಸೂರು, ಫೆ.25(ಬಿಎಸ್‌ಎಸ್)– ಮುಖ್ಯಮಂತ್ರಿ ಸಿದ್ದರಾಮಯ್ಯ ವಿರುದ್ಧದ ಮುಡಾ ನಿವೇಶನ ಹಂಚಿಕೆ ಪ್ರಕರಣದ ವಿಚಾರಣೆ ಮಾರ್ಚ್ 7ರಿಂದ ಜನಪ್ರತಿನಿಧಿಗಳ ವಿಶೇಷ ನ್ಯಾಯಾಲಯದಲ್ಲಿ ನಡೆಯಲಿದೆ. ದೂರುದಾರ ಸ್ನೇಹಮಯಿ ಕೃಷ್ಣ ಅವರು ಸ್ವತಃ ವಾದ ಮಂಡಿಸಲಿದ್ದಾರೆ. ಲೋಕಾಯುಕ್ತ ಪೊಲೀಸರು ಸಲ್ಲಿಸಿರುವ ಬಿ ರಿಪೋರ್ಟ್ ಪ್ರಶ್ನಿಸಿ ಅವರು ಆಕ್ಷೇಪಣೆ ಸಲ್ಲಿಸಿದ್ದಾರೆ. ಪ್ರಕರಣದಲ್ಲಿ ಸಾಕ್ಷ್ಯಾಧಾರಗಳನ್ನು ಸರಿಯಾಗಿ ಪರಿಶೀಲಿಸಿಲ್ಲ ಎಂಬುದು ಅವರ ಆರೋಪವಾಗಿದೆ. ನ್ಯಾಯಾಲಯ ಎಲ್ಲ ಪಕ್ಷಗಾರರಿಗೆ ನೋಟಿಸ್ ಜಾರಿ ಮಾಡಿದೆ. ಮುಂದಿನ ವಿಚಾರಣೆಯಲ್ಲಿ ದಾಖಲೆಗಳ ಪರಿಶೀಲನೆ ನಡೆಯಲಿದೆ.
